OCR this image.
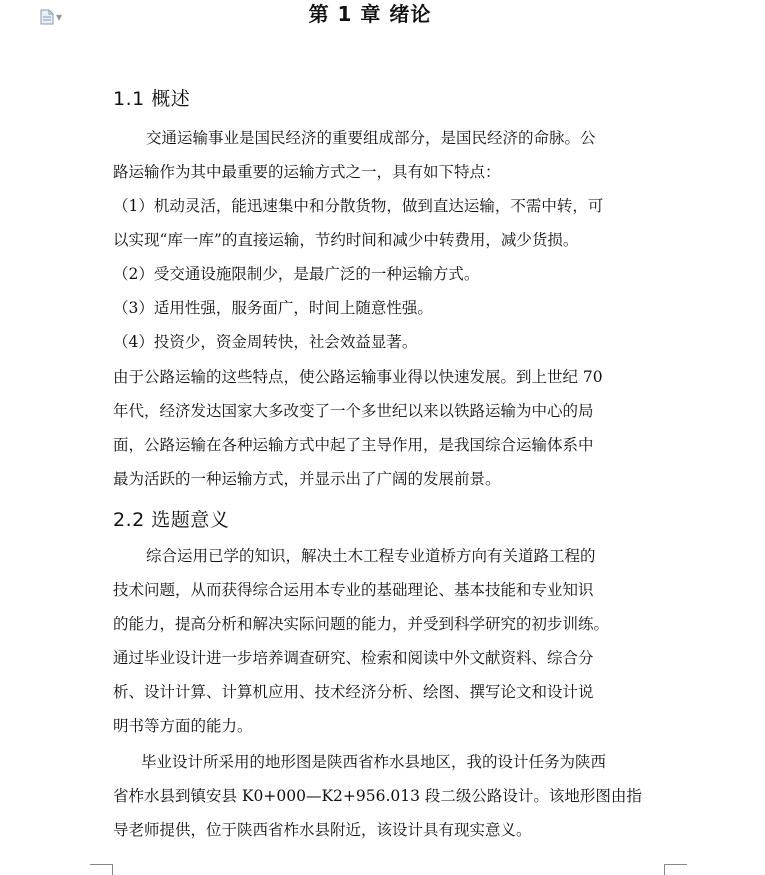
▼	第 1 章 绪论
1.1 概述
交通运输事业是国民经济的重要组成部分，是国民经济的命脉。公
路运输作为其中最重要的运输方式之一，具有如下特点：
（1）机动灵活，能迅速集中和分散货物，做到直达运输，不需中转，可
以实现“库一库”的直接运输，节约时间和减少中转费用，减少货损。
（2）受交通设施限制少，是最广泛的一种运输方式。
（3）适用性强，服务面广，时间上随意性强。
（4）投资少，资金周转快，社会效益显著。
由于公路运输的这些特点，使公路运输事业得以快速发展。到上世纪 70
年代，经济发达国家大多改变了一个多世纪以来以铁路运输为中心的局
面，公路运输在各种运输方式中起了主导作用，是我国综合运输体系中
最为活跃的一种运输方式，并显示出了广阔的发展前景。
2.2 选题意义
综合运用已学的知识，解决土木工程专业道桥方向有关道路工程的
技术问题，从而获得综合运用本专业的基础理论、基本技能和专业知识
的能力，提高分析和解决实际问题的能力，并受到科学研究的初步训练。
通过毕业设计进一步培养调查研究、检索和阅读中外文献资料、综合分
析、设计计算、计算机应用、技术经济分析、绘图、撰写论文和设计说
明书等方面的能力。
毕业设计所采用的地形图是陕西省柞水县地区，我的设计任务为陕西
省柞水县到镇安县 K0+000—K2+956.013 段二级公路设计。该地形图由指
导老师提供，位于陕西省柞水县附近，该设计具有现实意义。
